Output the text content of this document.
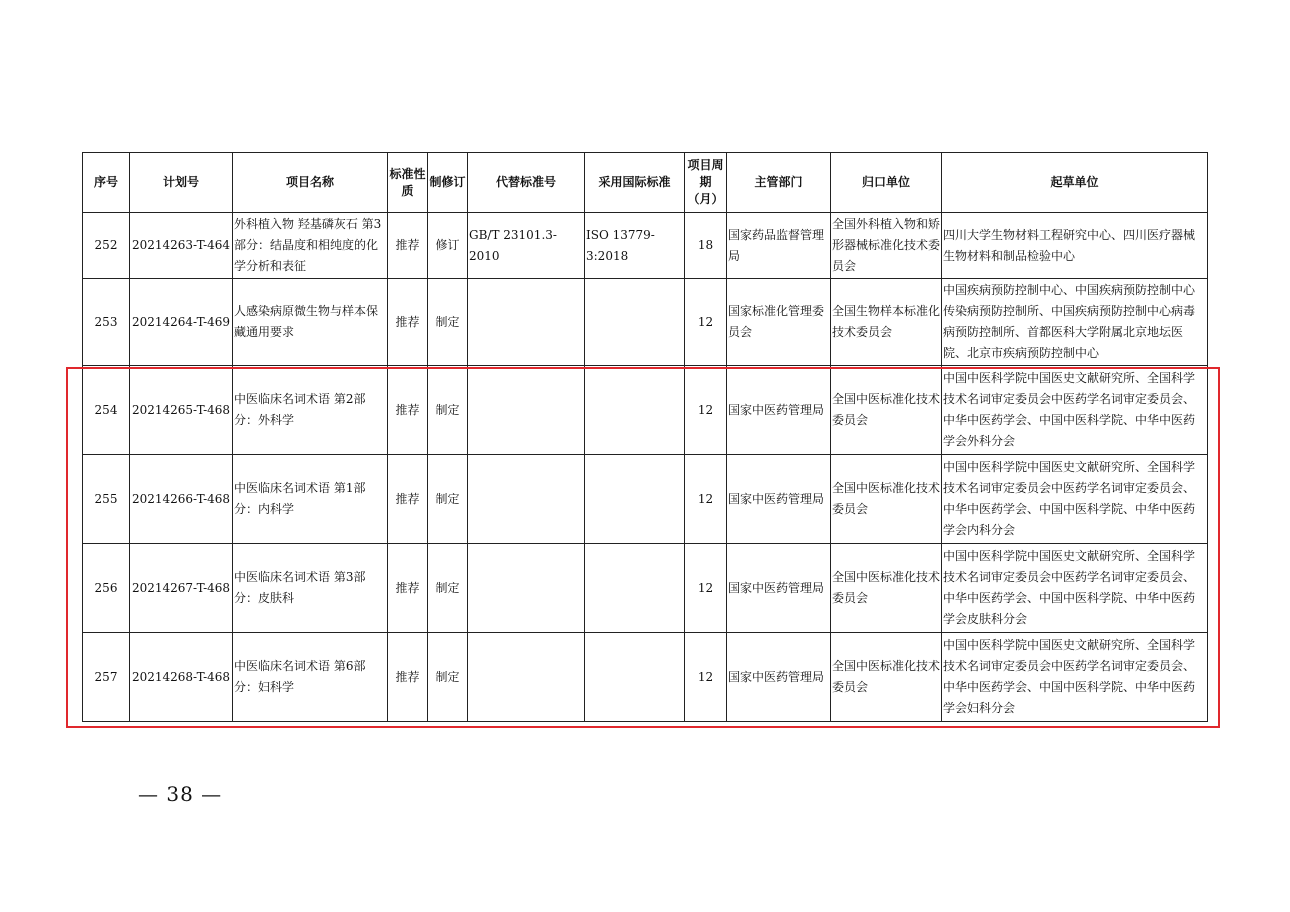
序号	计划号	项目名称	标准性质	制修订	代替标准号	采用国际标准	项目周期（月）	主管部门	归口单位	起草单位
252	20214263-T-464	外科植入物 羟基磷灰石 第3部分：结晶度和相纯度的化学分析和表征	推荐	修订	GB/T 23101.3-2010	ISO 13779-3:2018	18	国家药品监督管理局	全国外科植入物和矫形器械标准化技术委员会	四川大学生物材料工程研究中心、四川医疗器械生物材料和制品检验中心
253	20214264-T-469	人感染病原微生物与样本保藏通用要求	推荐	制定			12	国家标准化管理委员会	全国生物样本标准化技术委员会	中国疾病预防控制中心、中国疾病预防控制中心传染病预防控制所、中国疾病预防控制中心病毒病预防控制所、首都医科大学附属北京地坛医院、北京市疾病预防控制中心
254	20214265-T-468	中医临床名词术语 第2部分：外科学	推荐	制定			12	国家中医药管理局	全国中医标准化技术委员会	中国中医科学院中国医史文献研究所、全国科学技术名词审定委员会中医药学名词审定委员会、中华中医药学会、中国中医科学院、中华中医药学会外科分会
255	20214266-T-468	中医临床名词术语 第1部分：内科学	推荐	制定			12	国家中医药管理局	全国中医标准化技术委员会	中国中医科学院中国医史文献研究所、全国科学技术名词审定委员会中医药学名词审定委员会、中华中医药学会、中国中医科学院、中华中医药学会内科分会
256	20214267-T-468	中医临床名词术语 第3部分：皮肤科	推荐	制定			12	国家中医药管理局	全国中医标准化技术委员会	中国中医科学院中国医史文献研究所、全国科学技术名词审定委员会中医药学名词审定委员会、中华中医药学会、中国中医科学院、中华中医药学会皮肤科分会
257	20214268-T-468	中医临床名词术语 第6部分：妇科学	推荐	制定			12	国家中医药管理局	全国中医标准化技术委员会	中国中医科学院中国医史文献研究所、全国科学技术名词审定委员会中医药学名词审定委员会、中华中医药学会、中国中医科学院、中华中医药学会妇科分会
— 38 —
